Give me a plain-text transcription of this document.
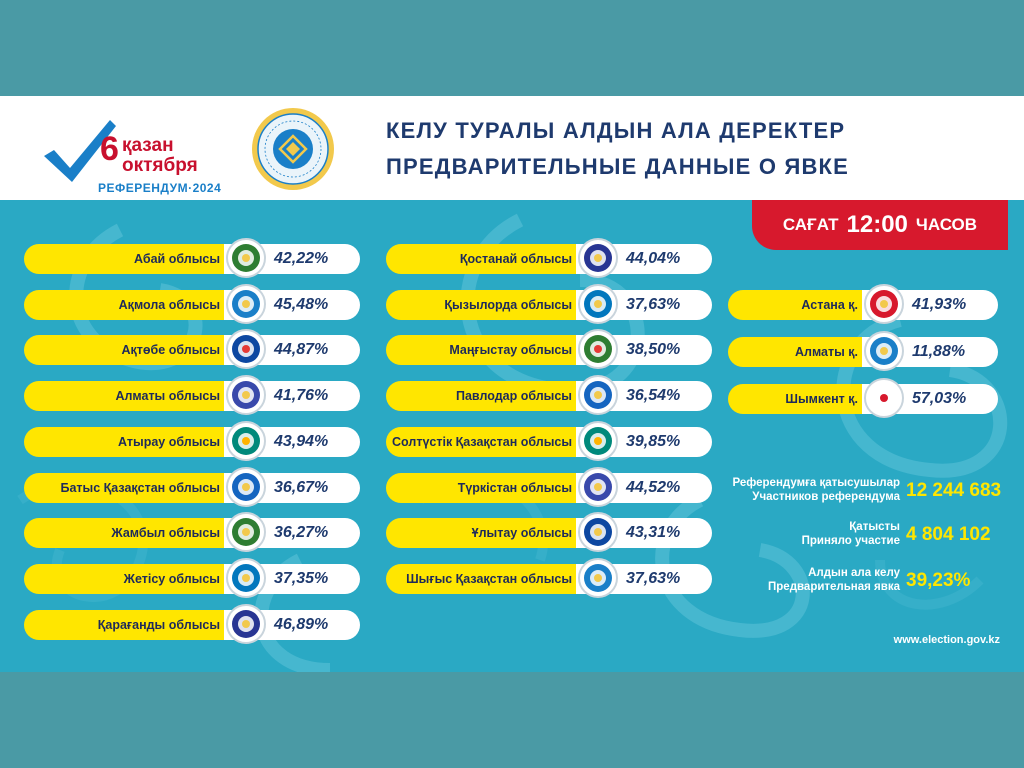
6 қазан
октября
РЕФЕРЕНДУМ·2024
КЕЛУ ТУРАЛЫ АЛДЫН АЛА ДЕРЕКТЕР
ПРЕДВАРИТЕЛЬНЫЕ ДАННЫЕ О ЯВКЕ
САҒАТ 12:00 ЧАСОВ
Абай облысы	42,22%
Ақмола облысы	45,48%
Ақтөбе облысы	44,87%
Алматы облысы	41,76%
Атырау облысы	43,94%
Батыс Қазақстан облысы	36,67%
Жамбыл облысы	36,27%
Жетісу облысы	37,35%
Қарағанды облысы	46,89%
Қостанай облысы	44,04%
Қызылорда облысы	37,63%
Маңғыстау облысы	38,50%
Павлодар облысы	36,54%
Солтүстік Қазақстан облысы	39,85%
Түркістан облысы	44,52%
Ұлытау облысы	43,31%
Шығыс Қазақстан облысы	37,63%
Астана қ.	41,93%
Алматы қ.	11,88%
Шымкент қ.	57,03%
Референдумға қатысушылар
Участников референдума 12 244 683
Қатысты
Приняло участие 4 804 102
Алдын ала келу
Предварительная явка 39,23%
www.election.gov.kz
